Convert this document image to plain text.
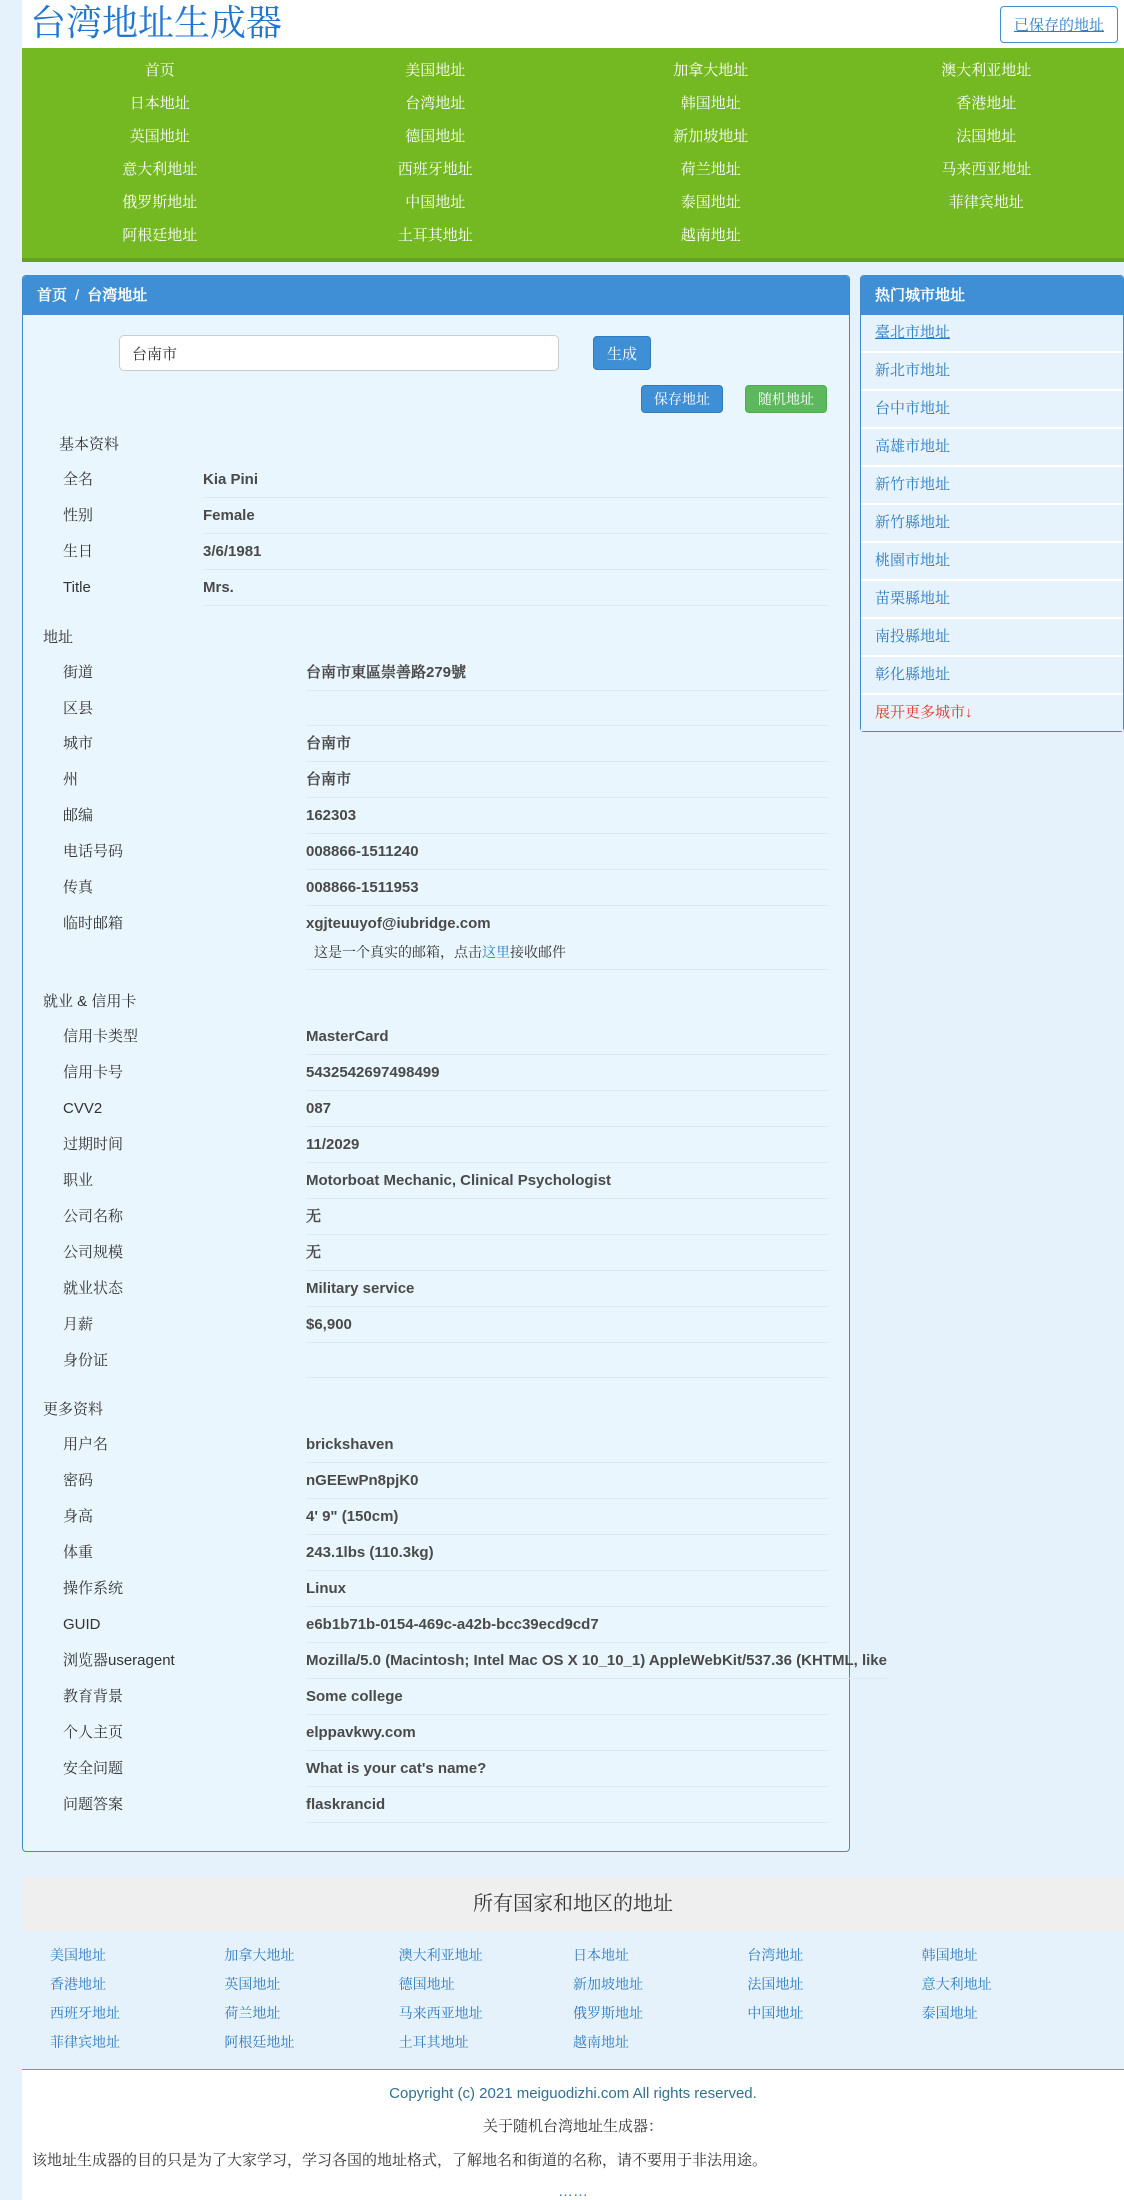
台湾地址生成器	已保存的地址
首页	美国地址	加拿大地址	澳大利亚地址
日本地址	台湾地址	韩国地址	香港地址
英国地址	德国地址	新加坡地址	法国地址
意大利地址	西班牙地址	荷兰地址	马来西亚地址
俄罗斯地址	中国地址	泰国地址	菲律宾地址
阿根廷地址	土耳其地址	越南地址
首页 / 台湾地址
台南市
生成
保存地址	随机地址
基本资料
全名	Kia Pini
性别	Female
生日	3/6/1981
Title	Mrs.
地址
街道	台南市東區崇善路279號
区县
城市	台南市
州	台南市
邮编	162303
电话号码	008866-1511240
传真	008866-1511953
临时邮箱	xgjteuuyof@iubridge.com
这是一个真实的邮箱，点击这里接收邮件
就业 & 信用卡
信用卡类型	MasterCard
信用卡号	5432542697498499
CVV2	087
过期时间	11/2029
职业	Motorboat Mechanic, Clinical Psychologist
公司名称	无
公司规模	无
就业状态	Military service
月薪	$6,900
身份证
更多资料
用户名	brickshaven
密码	nGEEwPn8pjK0
身高	4' 9" (150cm)
体重	243.1lbs (110.3kg)
操作系统	Linux
GUID	e6b1b71b-0154-469c-a42b-bcc39ecd9cd7
浏览器useragent	Mozilla/5.0 (Macintosh; Intel Mac OS X 10_10_1) AppleWebKit/537.36 (KHTML, like
教育背景	Some college
个人主页	elppavkwy.com
安全问题	What is your cat's name?
问题答案	flaskrancid
热门城市地址
臺北市地址
新北市地址
台中市地址
高雄市地址
新竹市地址
新竹縣地址
桃園市地址
苗栗縣地址
南投縣地址
彰化縣地址
展开更多城市↓
所有国家和地区的地址
美国地址	加拿大地址	澳大利亚地址	日本地址	台湾地址	韩国地址
香港地址	英国地址	德国地址	新加坡地址	法国地址	意大利地址
西班牙地址	荷兰地址	马来西亚地址	俄罗斯地址	中国地址	泰国地址
菲律宾地址	阿根廷地址	土耳其地址	越南地址

Copyright (c) 2021 meiguodizhi.com All rights reserved.

关于随机台湾地址生成器：

该地址生成器的目的只是为了大家学习，学习各国的地址格式，了解地名和街道的名称，请不要用于非法用途。

……
